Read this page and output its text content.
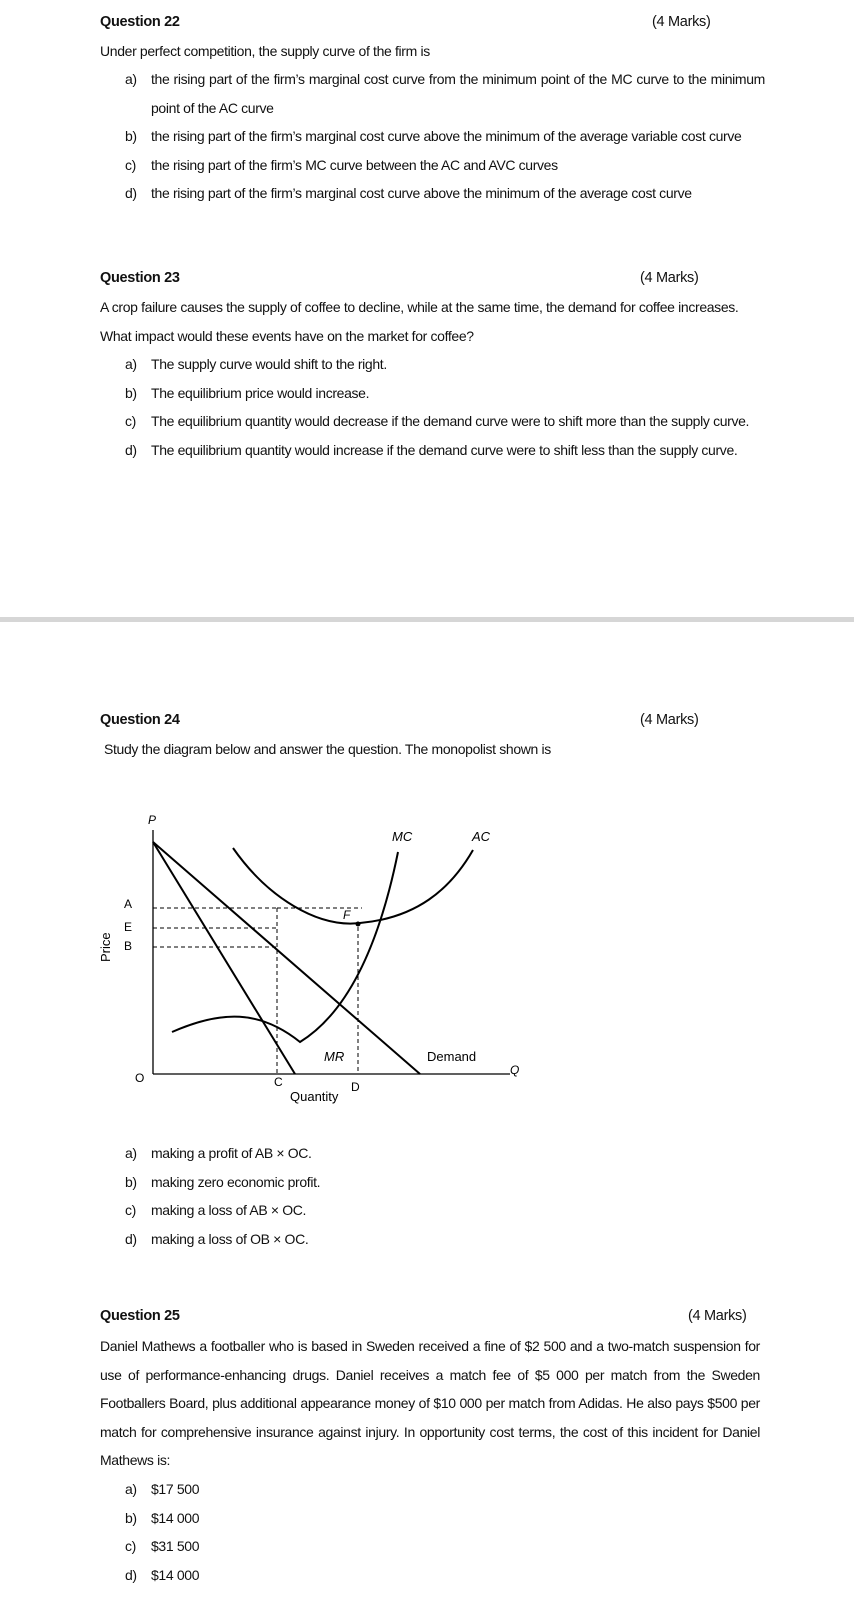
Question 22	(4 Marks)
Under perfect competition, the supply curve of the firm is
a) the rising part of the firm’s marginal cost curve from the minimum point of the MC curve to the minimum point of the AC curve
b) the rising part of the firm’s marginal cost curve above the minimum of the average variable cost curve
c) the rising part of the firm’s MC curve between the AC and AVC curves
d) the rising part of the firm’s marginal cost curve above the minimum of the average cost curve
Question 23	(4 Marks)
A crop failure causes the supply of coffee to decline, while at the same time, the demand for coffee increases. What impact would these events have on the market for coffee?
a) The supply curve would shift to the right.
b) The equilibrium price would increase.
c) The equilibrium quantity would decrease if the demand curve were to shift more than the supply curve.
d) The equilibrium quantity would increase if the demand curve were to shift less than the supply curve.
Question 24	(4 Marks)
Study the diagram below and answer the question. The monopolist shown is
P
A
E
B
O	C	D
F
MC	AC
MR	Demand
Q
Quantity
Price
a) making a profit of AB × OC.
b) making zero economic profit.
c) making a loss of AB × OC.
d) making a loss of OB × OC.
Question 25	(4 Marks)
Daniel Mathews a footballer who is based in Sweden received a fine of $2 500 and a two-match suspension for use of performance-enhancing drugs. Daniel receives a match fee of $5 000 per match from the Sweden Footballers Board, plus additional appearance money of $10 000 per match from Adidas. He also pays $500 per match for comprehensive insurance against injury. In opportunity cost terms, the cost of this incident for Daniel Mathews is:
a) $17 500
b) $14 000
c) $31 500
d) $14 000
